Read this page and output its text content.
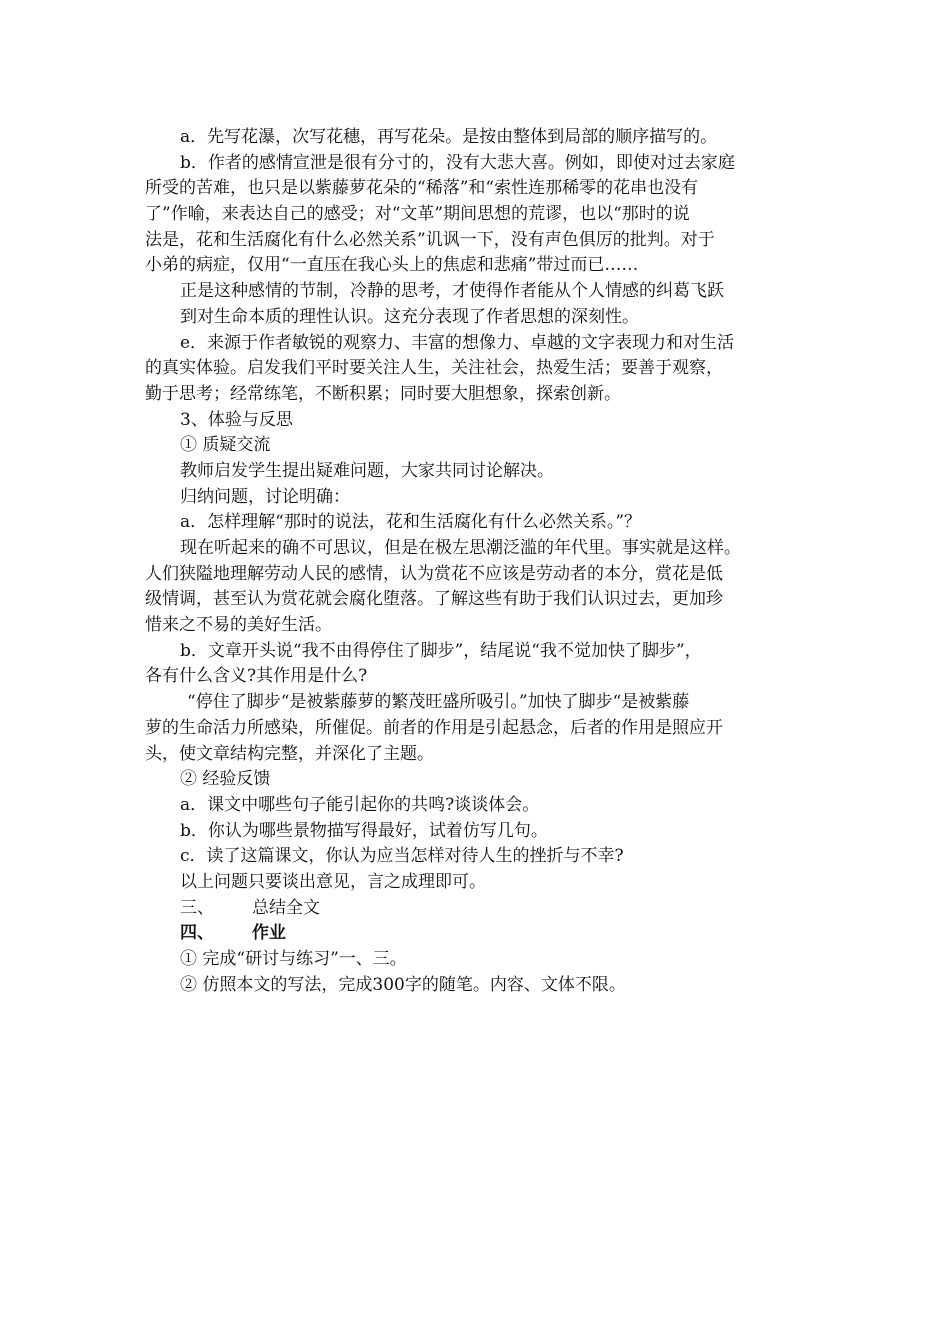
a．先写花瀑，次写花穗，再写花朵。是按由整体到局部的顺序描写的。
b．作者的感情宣泄是很有分寸的，没有大悲大喜。例如，即使对过去家庭
所受的苦难，也只是以紫藤萝花朵的“稀落”和“索性连那稀零的花串也没有
了”作喻，来表达自己的感受；对“文革”期间思想的荒谬，也以“那时的说
法是，花和生活腐化有什么必然关系”讥讽一下，没有声色俱厉的批判。对于
小弟的病症，仅用“一直压在我心头上的焦虑和悲痛”带过而已……
正是这种感情的节制，冷静的思考，才使得作者能从个人情感的纠葛飞跃
到对生命本质的理性认识。这充分表现了作者思想的深刻性。
e．来源于作者敏锐的观察力、丰富的想像力、卓越的文字表现力和对生活
的真实体验。启发我们平时要关注人生，关注社会，热爱生活；要善于观察，
勤于思考；经常练笔，不断积累；同时要大胆想象，探索创新。
3、体验与反思
① 质疑交流
教师启发学生提出疑难问题，大家共同讨论解决。
归纳问题，讨论明确：
a．怎样理解“那时的说法，花和生活腐化有什么必然关系。”？
现在听起来的确不可思议，但是在极左思潮泛滥的年代里。事实就是这样。
人们狭隘地理解劳动人民的感情，认为赏花不应该是劳动者的本分，赏花是低
级情调，甚至认为赏花就会腐化堕落。了解这些有助于我们认识过去，更加珍
惜来之不易的美好生活。
b．文章开头说“我不由得停住了脚步”，结尾说“我不觉加快了脚步”，
各有什么含义?其作用是什么?
“停住了脚步“是被紫藤萝的繁茂旺盛所吸引。”加快了脚步“是被紫藤
萝的生命活力所感染，所催促。前者的作用是引起悬念，后者的作用是照应开
头，使文章结构完整，并深化了主题。
② 经验反馈
a．课文中哪些句子能引起你的共鸣?谈谈体会。
b．你认为哪些景物描写得最好，试着仿写几句。
c．读了这篇课文，你认为应当怎样对待人生的挫折与不幸?
以上问题只要谈出意见，言之成理即可。
三、 总结全文
四、 作业
① 完成“研讨与练习”一、三。
② 仿照本文的写法，完成300字的随笔。内容、文体不限。
